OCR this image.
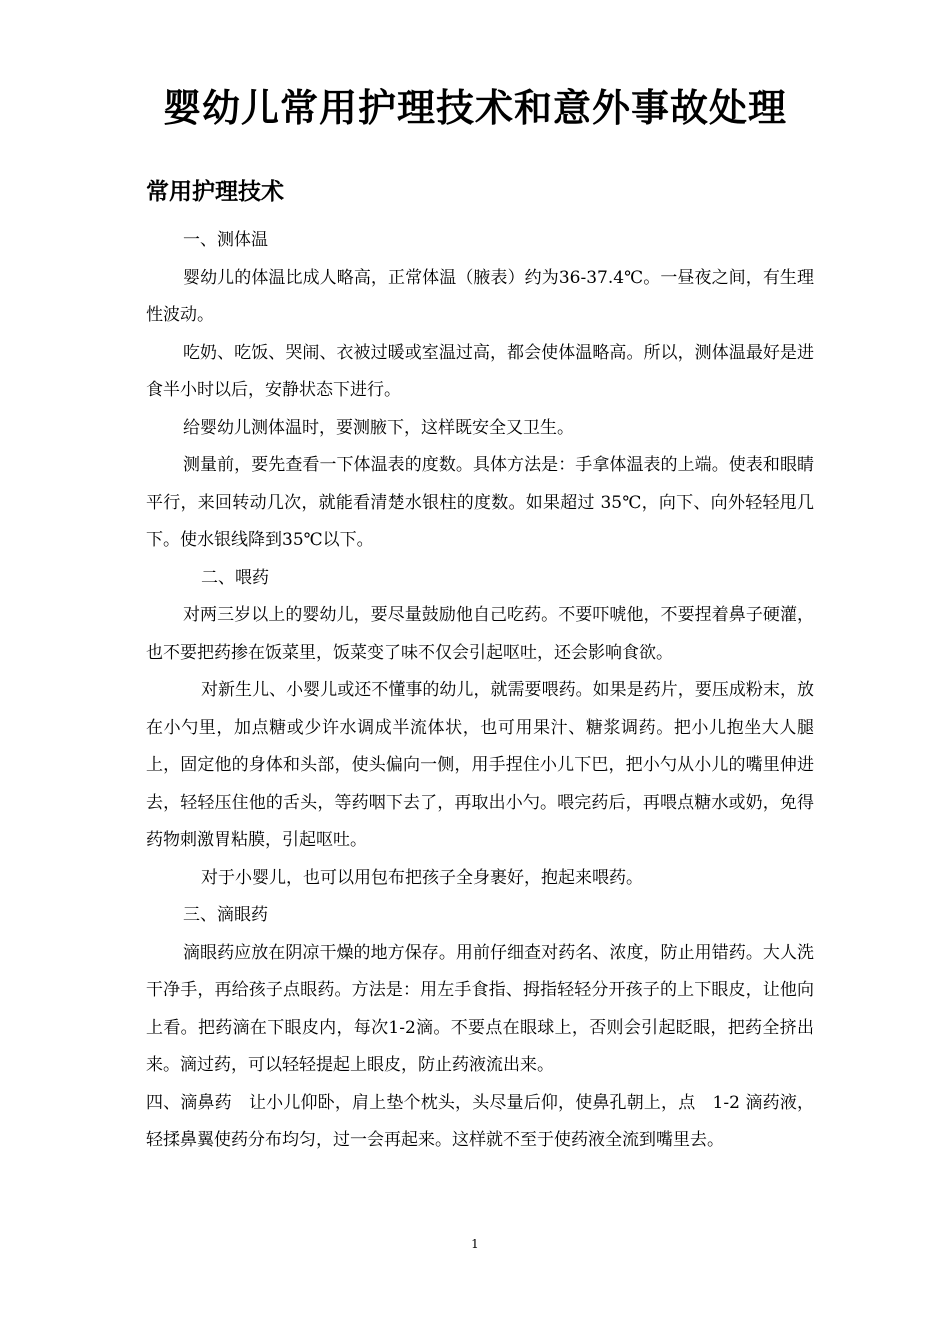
婴幼儿常用护理技术和意外事故处理
常用护理技术

一、测体温

婴幼儿的体温比成人略高，正常体温（腋表）约为36-37.4℃。一昼夜之间，有生理性波动。

吃奶、吃饭、哭闹、衣被过暖或室温过高，都会使体温略高。所以，测体温最好是进食半小时以后，安静状态下进行。

给婴幼儿测体温时，要测腋下，这样既安全又卫生。

测量前，要先查看一下体温表的度数。具体方法是：手拿体温表的上端。使表和眼睛平行，来回转动几次，就能看清楚水银柱的度数。如果超过 35℃，向下、向外轻轻甩几下。使水银线降到35℃以下。

二、喂药

对两三岁以上的婴幼儿，要尽量鼓励他自己吃药。不要吓唬他，不要捏着鼻子硬灌，也不要把药掺在饭菜里，饭菜变了味不仅会引起呕吐，还会影响食欲。

对新生儿、小婴儿或还不懂事的幼儿，就需要喂药。如果是药片，要压成粉末，放在小勺里，加点糖或少许水调成半流体状，也可用果汁、糖浆调药。把小儿抱坐大人腿上，固定他的身体和头部，使头偏向一侧，用手捏住小儿下巴，把小勺从小儿的嘴里伸进去，轻轻压住他的舌头，等药咽下去了，再取出小勺。喂完药后，再喂点糖水或奶，免得药物刺激胃粘膜，引起呕吐。

对于小婴儿，也可以用包布把孩子全身裹好，抱起来喂药。

三、滴眼药

滴眼药应放在阴凉干燥的地方保存。用前仔细查对药名、浓度，防止用错药。大人洗干净手，再给孩子点眼药。方法是：用左手食指、拇指轻轻分开孩子的上下眼皮，让他向上看。把药滴在下眼皮内，每次1-2滴。不要点在眼球上，否则会引起眨眼，把药全挤出来。滴过药，可以轻轻提起上眼皮，防止药液流出来。

四、滴鼻药　让小儿仰卧，肩上垫个枕头，头尽量后仰，使鼻孔朝上，点　1-2 滴药液，轻揉鼻翼使药分布均匀，过一会再起来。这样就不至于使药液全流到嘴里去。

1
